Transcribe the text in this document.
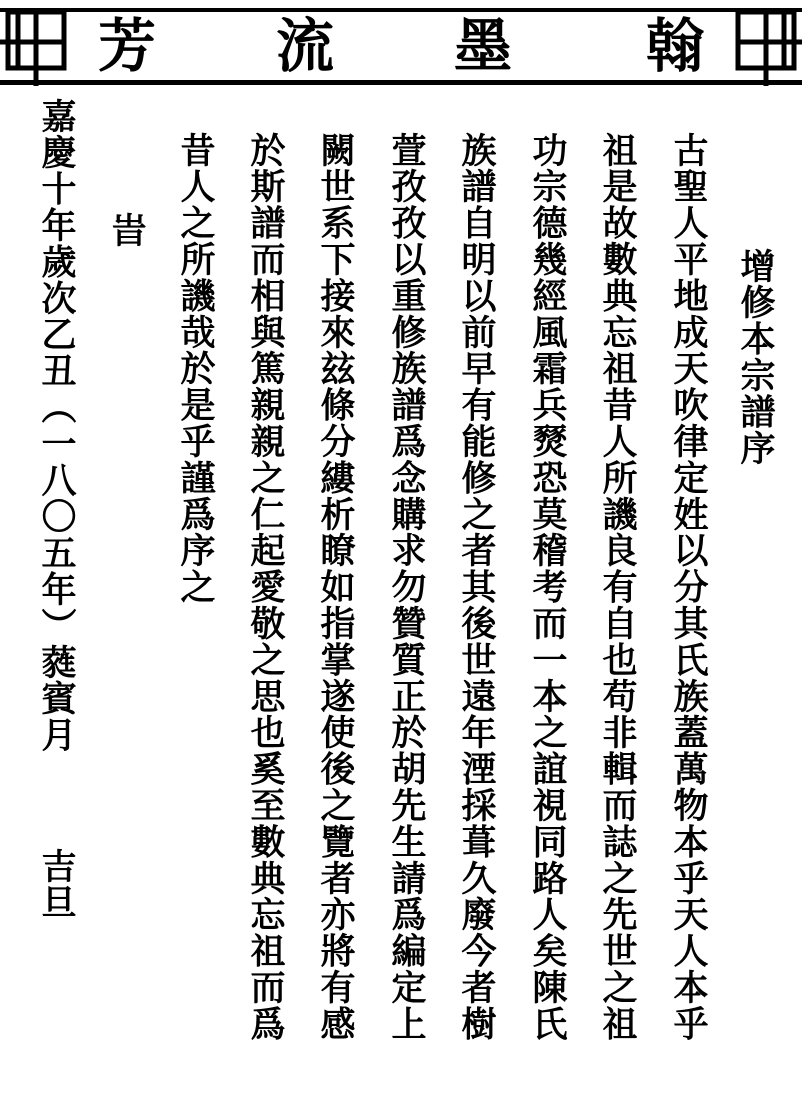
翰
墨
流
芳
增修本宗譜序
古聖人平地成天吹律定姓以分其氏族蓋萬物本乎天人本乎
祖是故數典忘祖昔人所譏良有自也苟非輯而誌之先世之祖
功宗德幾經風霜兵燹恐莫稽考而一本之誼視同路人矣陳氏
族譜自明以前早有能修之者其後世遠年湮採葺久廢今者樹
萱孜孜以重修族譜爲念購求勿贊質正於胡先生請爲編定上
闕世系下接來玆條分縷析瞭如指掌遂使後之覽者亦將有感
於斯譜而相與篤親親之仁起愛敬之思也奚至數典忘祖而爲
昔人之所譏哉於是乎謹爲序之
旹
嘉慶十年歲次乙丑（一八〇五年）蕤賓月
吉旦
